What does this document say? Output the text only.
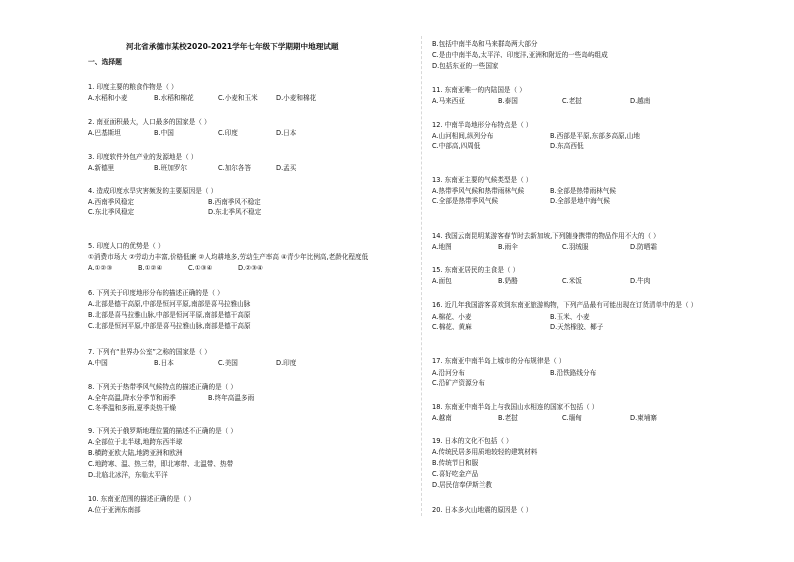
河北省承德市某校2020-2021学年七年级下学期期中地理试题
一、选择题
1. 印度主要的粮食作物是（ ）
A.水稻和小麦	B.水稻和棉花	C.小麦和玉米	D.小麦和棉花
2. 南亚面积最大，人口最多的国家是（ ）
A.巴基斯坦	B.中国	C.印度	D.日本
3. 印度软件外包产业的发源地是（ ）
A.新德里	B.班加罗尔	C.加尔各答	D.孟买
4. 造成印度水旱灾害频发的主要原因是（ ）
A.西南季风稳定	B.西南季风不稳定
C.东北季风稳定	D.东北季风不稳定
5. 印度人口的优势是（ ）
①消费市场大 ②劳动力丰富,价格低廉 ②人均耕地多,劳动生产率高 ④青少年比例高,老龄化程度低
A.①②③	B.①②④	C.①③④	D.②③④
6. 下列关于印度地形分布的描述正确的是（ ）
A.北部是德干高原,中部是恒河平原,南部是喜马拉雅山脉
B.北部是喜马拉雅山脉,中部是恒河平原,南部是德干高原
C.北部是恒河平原,中部是喜马拉雅山脉,南部是德干高原
7. 下列有“世界办公室”之称的国家是（ ）
A.中国	B.日本	C.美国	D.印度
8. 下列关于热带季风气候特点的描述正确的是（ ）
A.全年高温,降水分季节和雨季	B.终年高温多雨
C.冬季温和多雨,夏季炎热干燥
9. 下列关于俄罗斯地理位置的描述不正确的是（ ）
A.全部位于北半球,地跨东西半球
B.横跨亚欧大陆,地跨亚洲和欧洲
C.地跨寒、温、热三带，即北寒带、北温带、热带
D.北临北冰洋，东临太平洋
10. 东南亚范围的描述正确的是（ ）
A.位于亚洲东南部
B.包括中南半岛和马来群岛两大部分
C.是由中南半岛,太平洋、印度洋,亚洲和附近的一些岛屿组成
D.包括东亚的一些国家
11. 东南亚唯一的内陆国是（ ）
A.马来西亚	B.泰国	C.老挝	D.越南
12. 中南半岛地形分布特点是（ ）
A.山河相间,纵列分布	B.西部是平原,东部多高原,山地
C.中部高,四周低	D.东高西低
13. 东南亚主要的气候类型是（ ）
A.热带季风气候和热带雨林气候	B.全部是热带雨林气候
C.全部是热带季风气候	D.全部是地中海气候
14. 我国云南昆明某游客春节时去新加坡,下列随身携带的物品作用不大的（ ）
A.地图	B.雨伞	C.羽绒服	D.防晒霜
15. 东南亚居民的主食是（ ）
A.面包	B.奶酪	C.米饭	D.牛肉
16. 近几年我国游客喜欢到东南亚旅游购物，下列产品最有可能出现在订货清单中的是（ ）
A.棉花、小麦	B.玉米、小麦
C.棉花、黄麻	D.天然橡胶、椰子
17. 东南亚中南半岛上城市的分布规律是（ ）
A.沿河分布	B.沿铁路线分布
C.沿矿产资源分布
18. 东南亚中南半岛上与我国山水相连的国家不包括（ ）
A.越南	B.老挝	C.缅甸	D.柬埔寨
19. 日本的文化不包括（ ）
A.传统民居多用质地较轻的建筑材料
B.传统节日和服
C.喜好吃金产品
D.居民信奉伊斯兰教
20. 日本多火山地震的原因是（ ）
